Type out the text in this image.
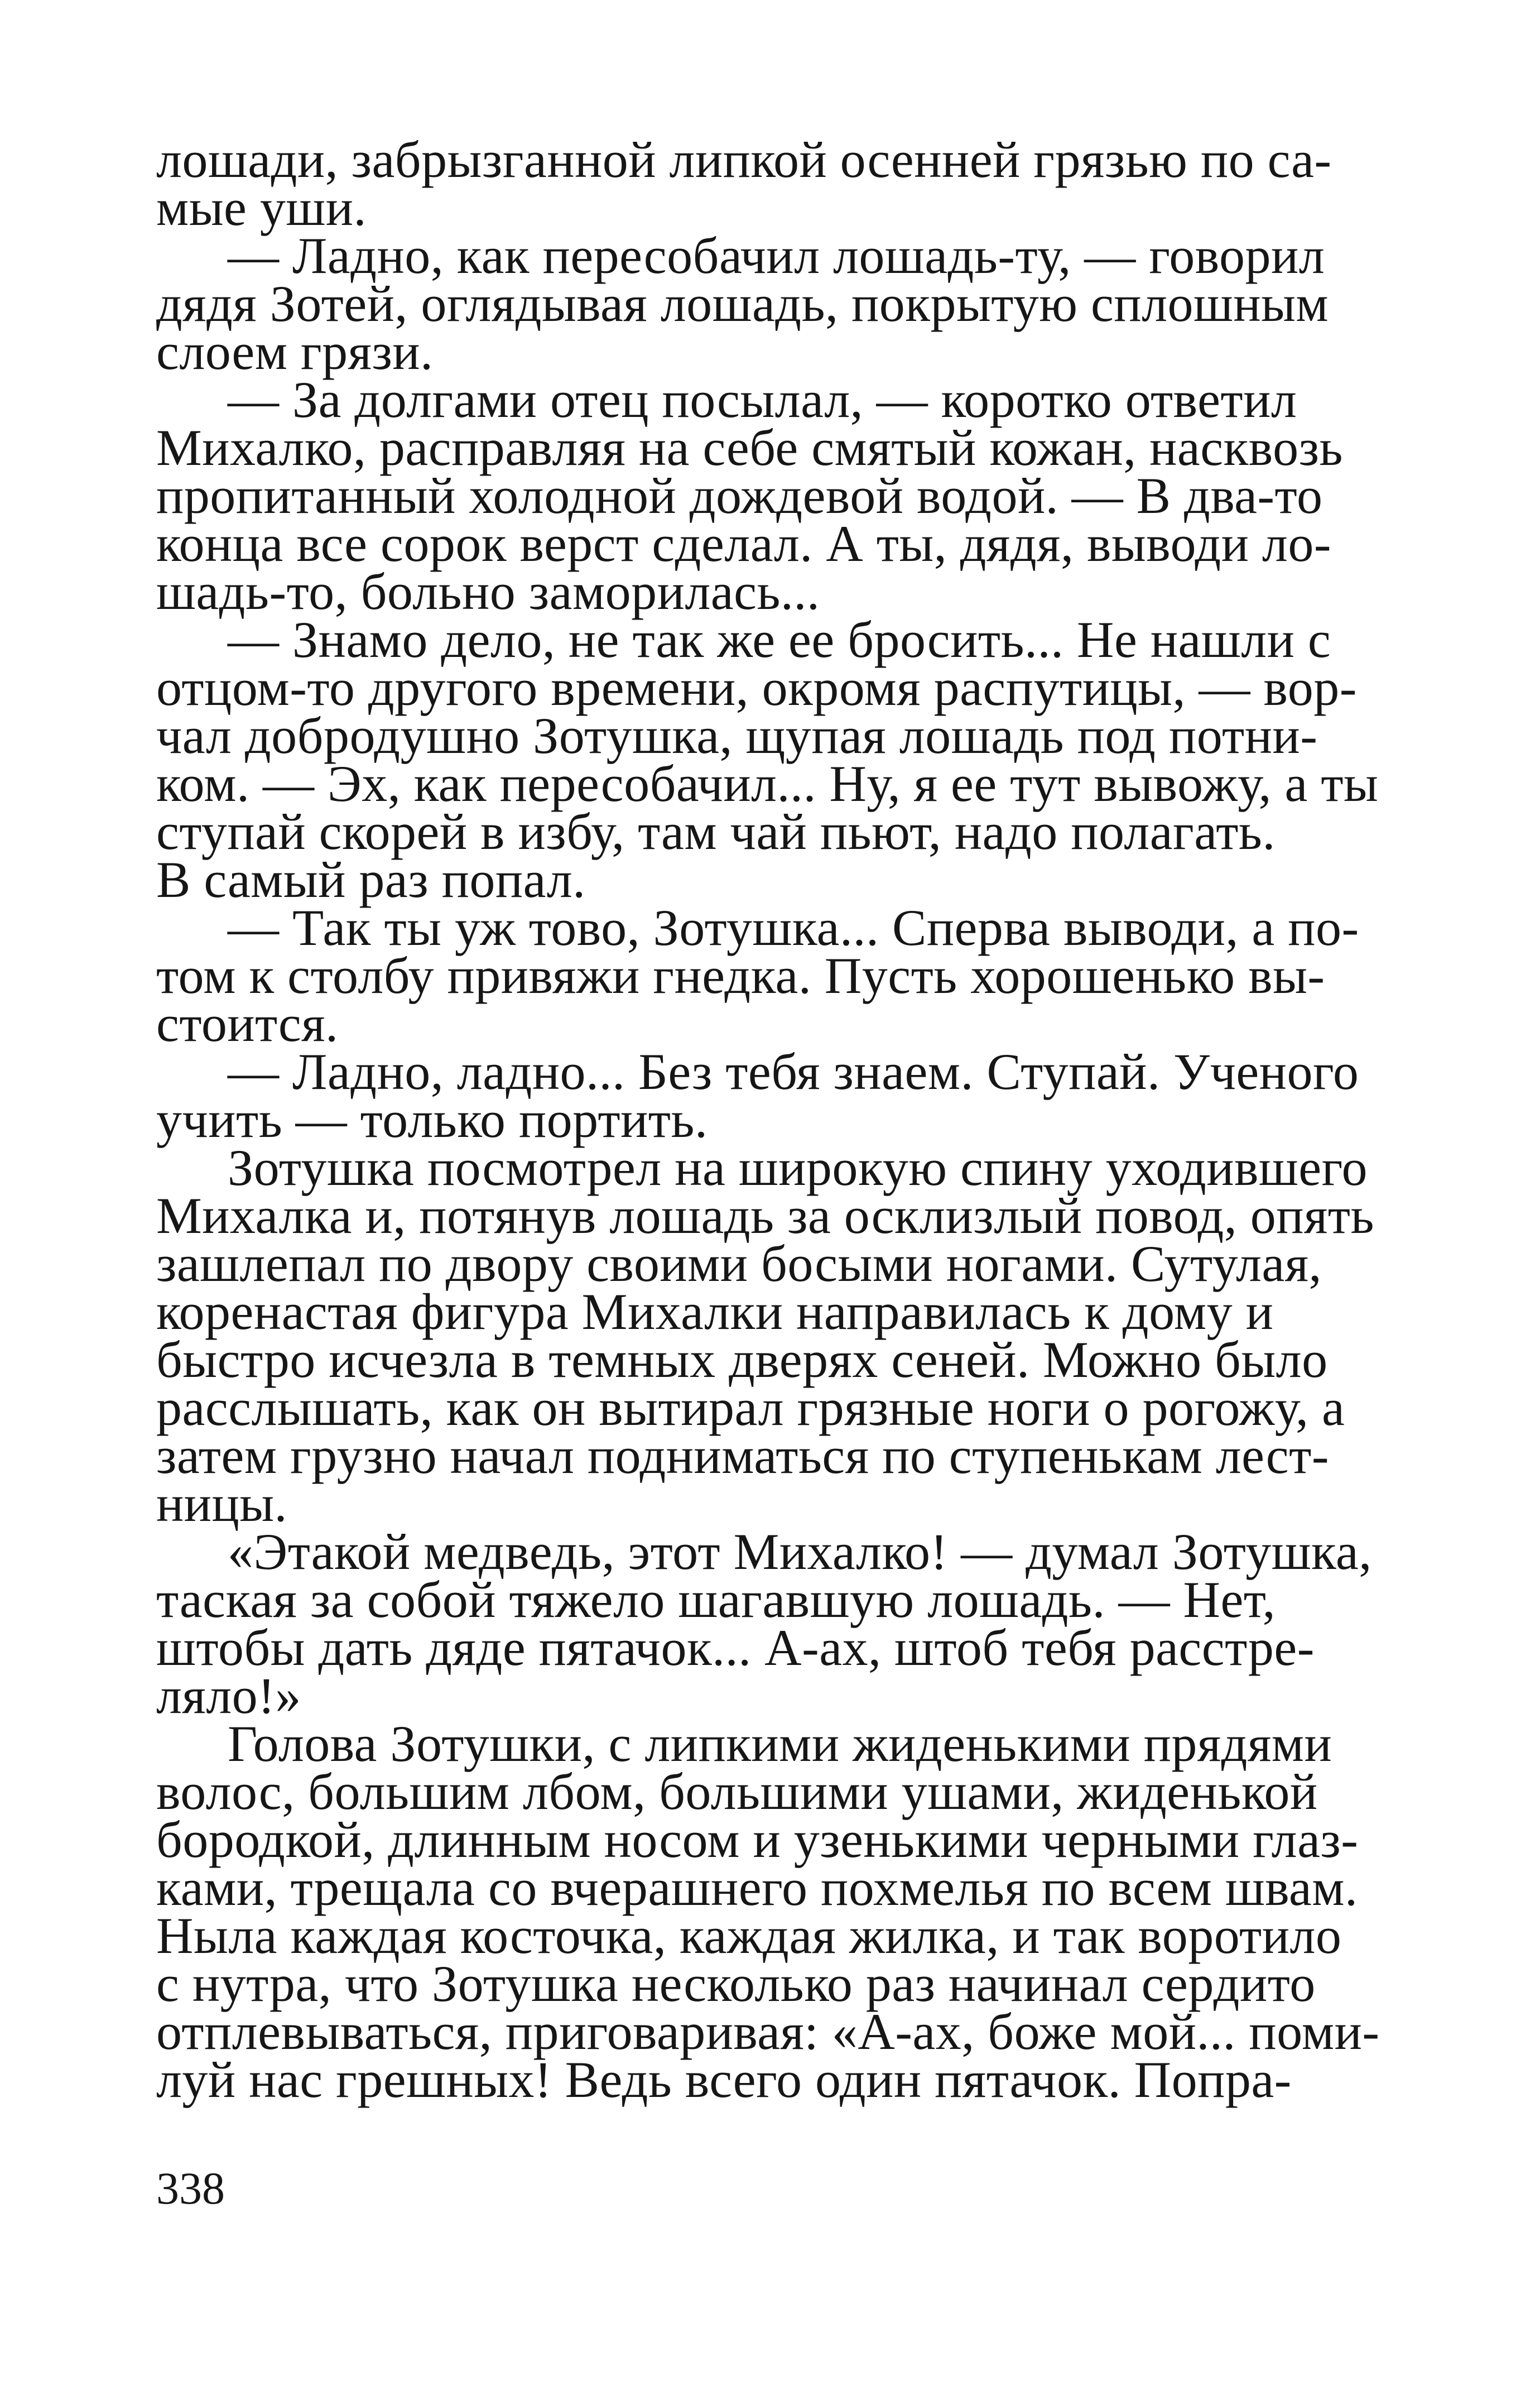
лошади, забрызганной липкой осенней грязью по са-
мые уши.
— Ладно, как пересобачил лошадь-ту, — говорил
дядя Зотей, оглядывая лошадь, покрытую сплошным
слоем грязи.
— За долгами отец посылал, — коротко ответил
Михалко, расправляя на себе смятый кожан, насквозь
пропитанный холодной дождевой водой. — В два-то
конца все сорок верст сделал. А ты, дядя, выводи ло-
шадь-то, больно заморилась...
— Знамо дело, не так же ее бросить... Не нашли с
отцом-то другого времени, окромя распутицы, — вор-
чал добродушно Зотушка, щупая лошадь под потни-
ком. — Эх, как пересобачил... Ну, я ее тут вывожу, а ты
ступай скорей в избу, там чай пьют, надо полагать.
В самый раз попал.
— Так ты уж тово, Зотушка... Сперва выводи, а по-
том к столбу привяжи гнедка. Пусть хорошенько вы-
стоится.
— Ладно, ладно... Без тебя знаем. Ступай. Ученого
учить — только портить.
Зотушка посмотрел на широкую спину уходившего
Михалка и, потянув лошадь за осклизлый повод, опять
зашлепал по двору своими босыми ногами. Сутулая,
коренастая фигура Михалки направилась к дому и
быстро исчезла в темных дверях сеней. Можно было
расслышать, как он вытирал грязные ноги о рогожу, а
затем грузно начал подниматься по ступенькам лест-
ницы.
«Этакой медведь, этот Михалко! — думал Зотушка,
таская за собой тяжело шагавшую лошадь. — Нет,
штобы дать дяде пятачок... А-ах, штоб тебя расстре-
ляло!»
Голова Зотушки, с липкими жиденькими прядями
волос, большим лбом, большими ушами, жиденькой
бородкой, длинным носом и узенькими черными глаз-
ками, трещала со вчерашнего похмелья по всем швам.
Ныла каждая косточка, каждая жилка, и так воротило
с нутра, что Зотушка несколько раз начинал сердито
отплевываться, приговаривая: «А-ах, боже мой... поми-
луй нас грешных! Ведь всего один пятачок. Попра-
338
